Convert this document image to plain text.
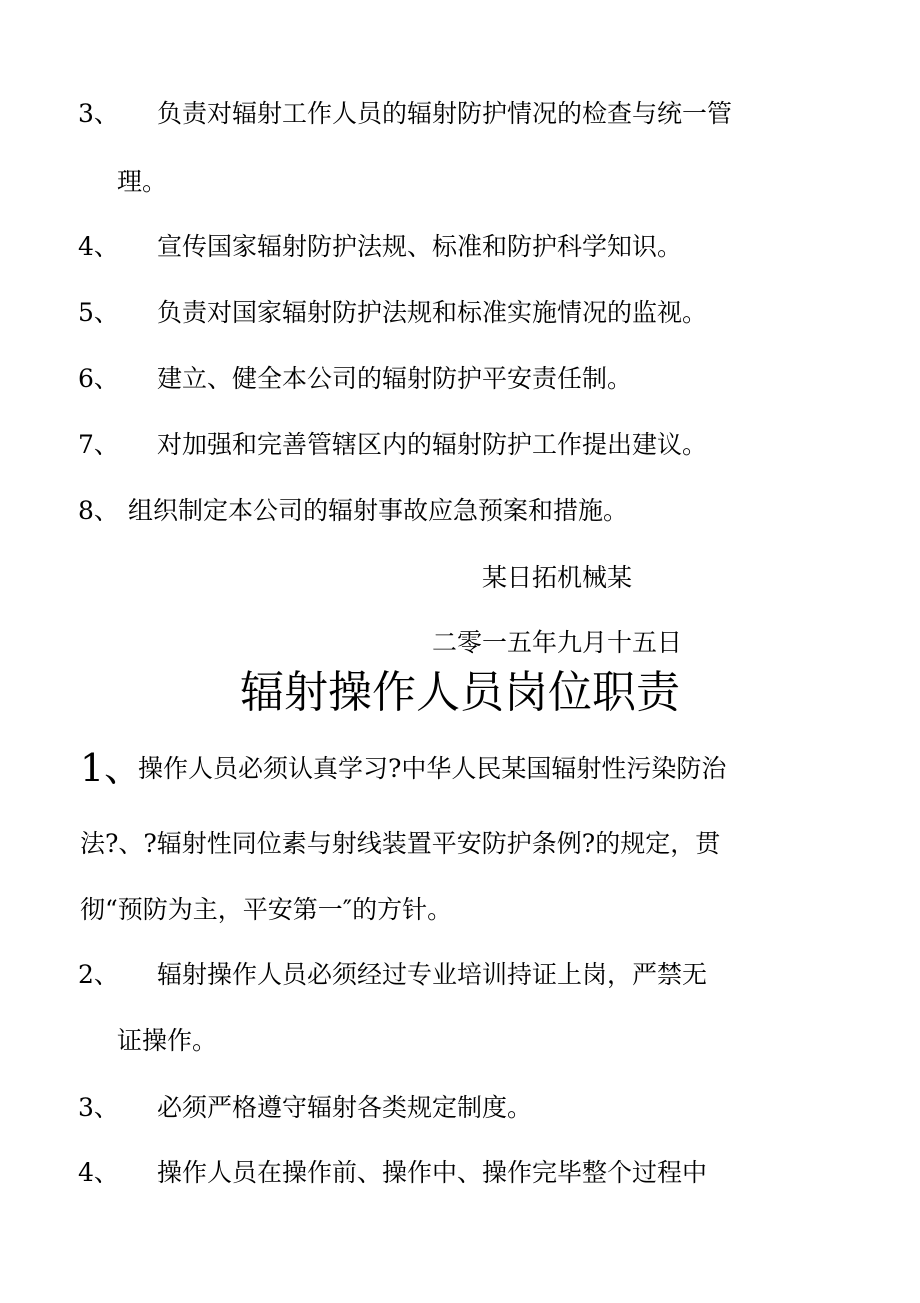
3、 负责对辐射工作人员的辐射防护情况的检查与统一管
理。
4、 宣传国家辐射防护法规、标准和防护科学知识。
5、 负责对国家辐射防护法规和标准实施情况的监视。
6、 建立、健全本公司的辐射防护平安责任制。
7、 对加强和完善管辖区内的辐射防护工作提出建议。
8、 组织制定本公司的辐射事故应急预案和措施。
某日拓机械某
二零一五年九月十五日
辐射操作人员岗位职责
1、
操作人员必须认真学习?中华人民某国辐射性污染防治
法?、?辐射性同位素与射线装置平安防护条例?的规定，贯
彻“预防为主，平安第一″的方针。
2、 辐射操作人员必须经过专业培训持证上岗，严禁无
证操作。
3、 必须严格遵守辐射各类规定制度。
4、 操作人员在操作前、操作中、操作完毕整个过程中
